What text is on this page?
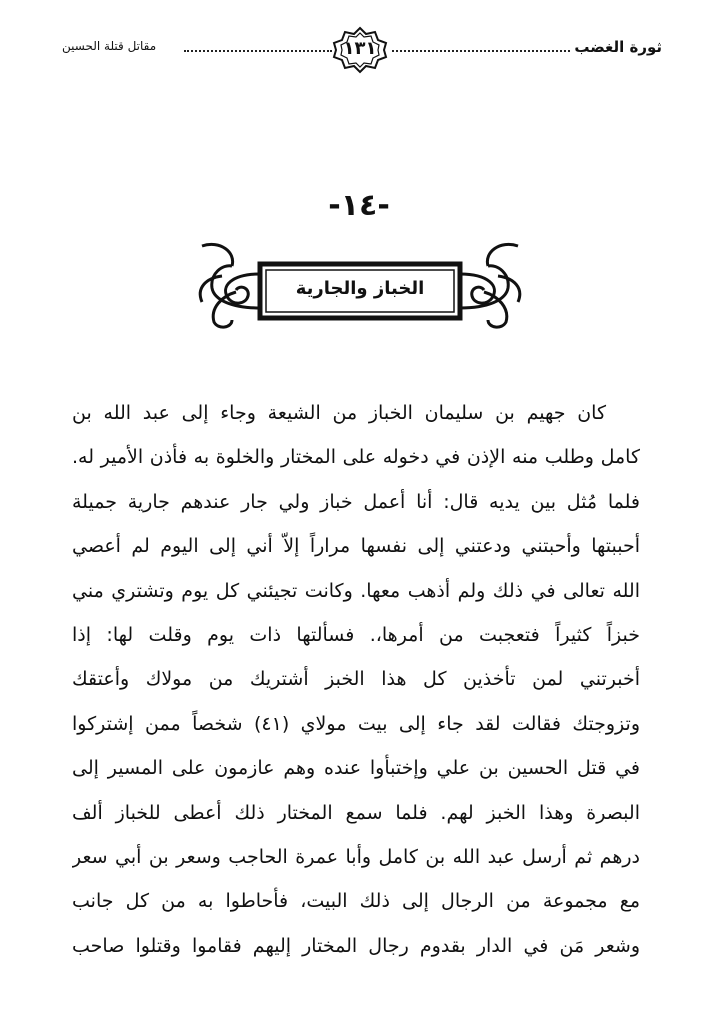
ثورة الغضب
١٣١
مقاتل قتلة الحسين
-١٤-
الخباز والجارية
كان جهيم بن سليمان الخباز من الشيعة وجاء إلى عبد الله بن
كامل وطلب منه الإذن في دخوله على المختار والخلوة به فأذن الأمير له.
فلما مُثل بين يديه قال: أنا أعمل خباز ولي جار عندهم جارية جميلة
أحببتها وأحبتني ودعتني إلى نفسها مراراً إلاّ أني إلى اليوم لم أعصي
الله تعالى في ذلك ولم أذهب معها. وكانت تجيئني كل يوم وتشتري مني
خبزاً كثيراً فتعجبت من أمرها،. فسألتها ذات يوم وقلت لها: إذا
أخبرتني لمن تأخذين كل هذا الخبز أشتريك من مولاك وأعتقك
وتزوجتك فقالت لقد جاء إلى بيت مولاي (٤١) شخصاً ممن إشتركوا
في قتل الحسين بن علي وإختبأوا عنده وهم عازمون على المسير إلى
البصرة وهذا الخبز لهم. فلما سمع المختار ذلك أعطى للخباز ألف
درهم ثم أرسل عبد الله بن كامل وأبا عمرة الحاجب وسعر بن أبي سعر
مع مجموعة من الرجال إلى ذلك البيت، فأحاطوا به من كل جانب
وشعر مَن في الدار بقدوم رجال المختار إليهم فقاموا وقتلوا صاحب
